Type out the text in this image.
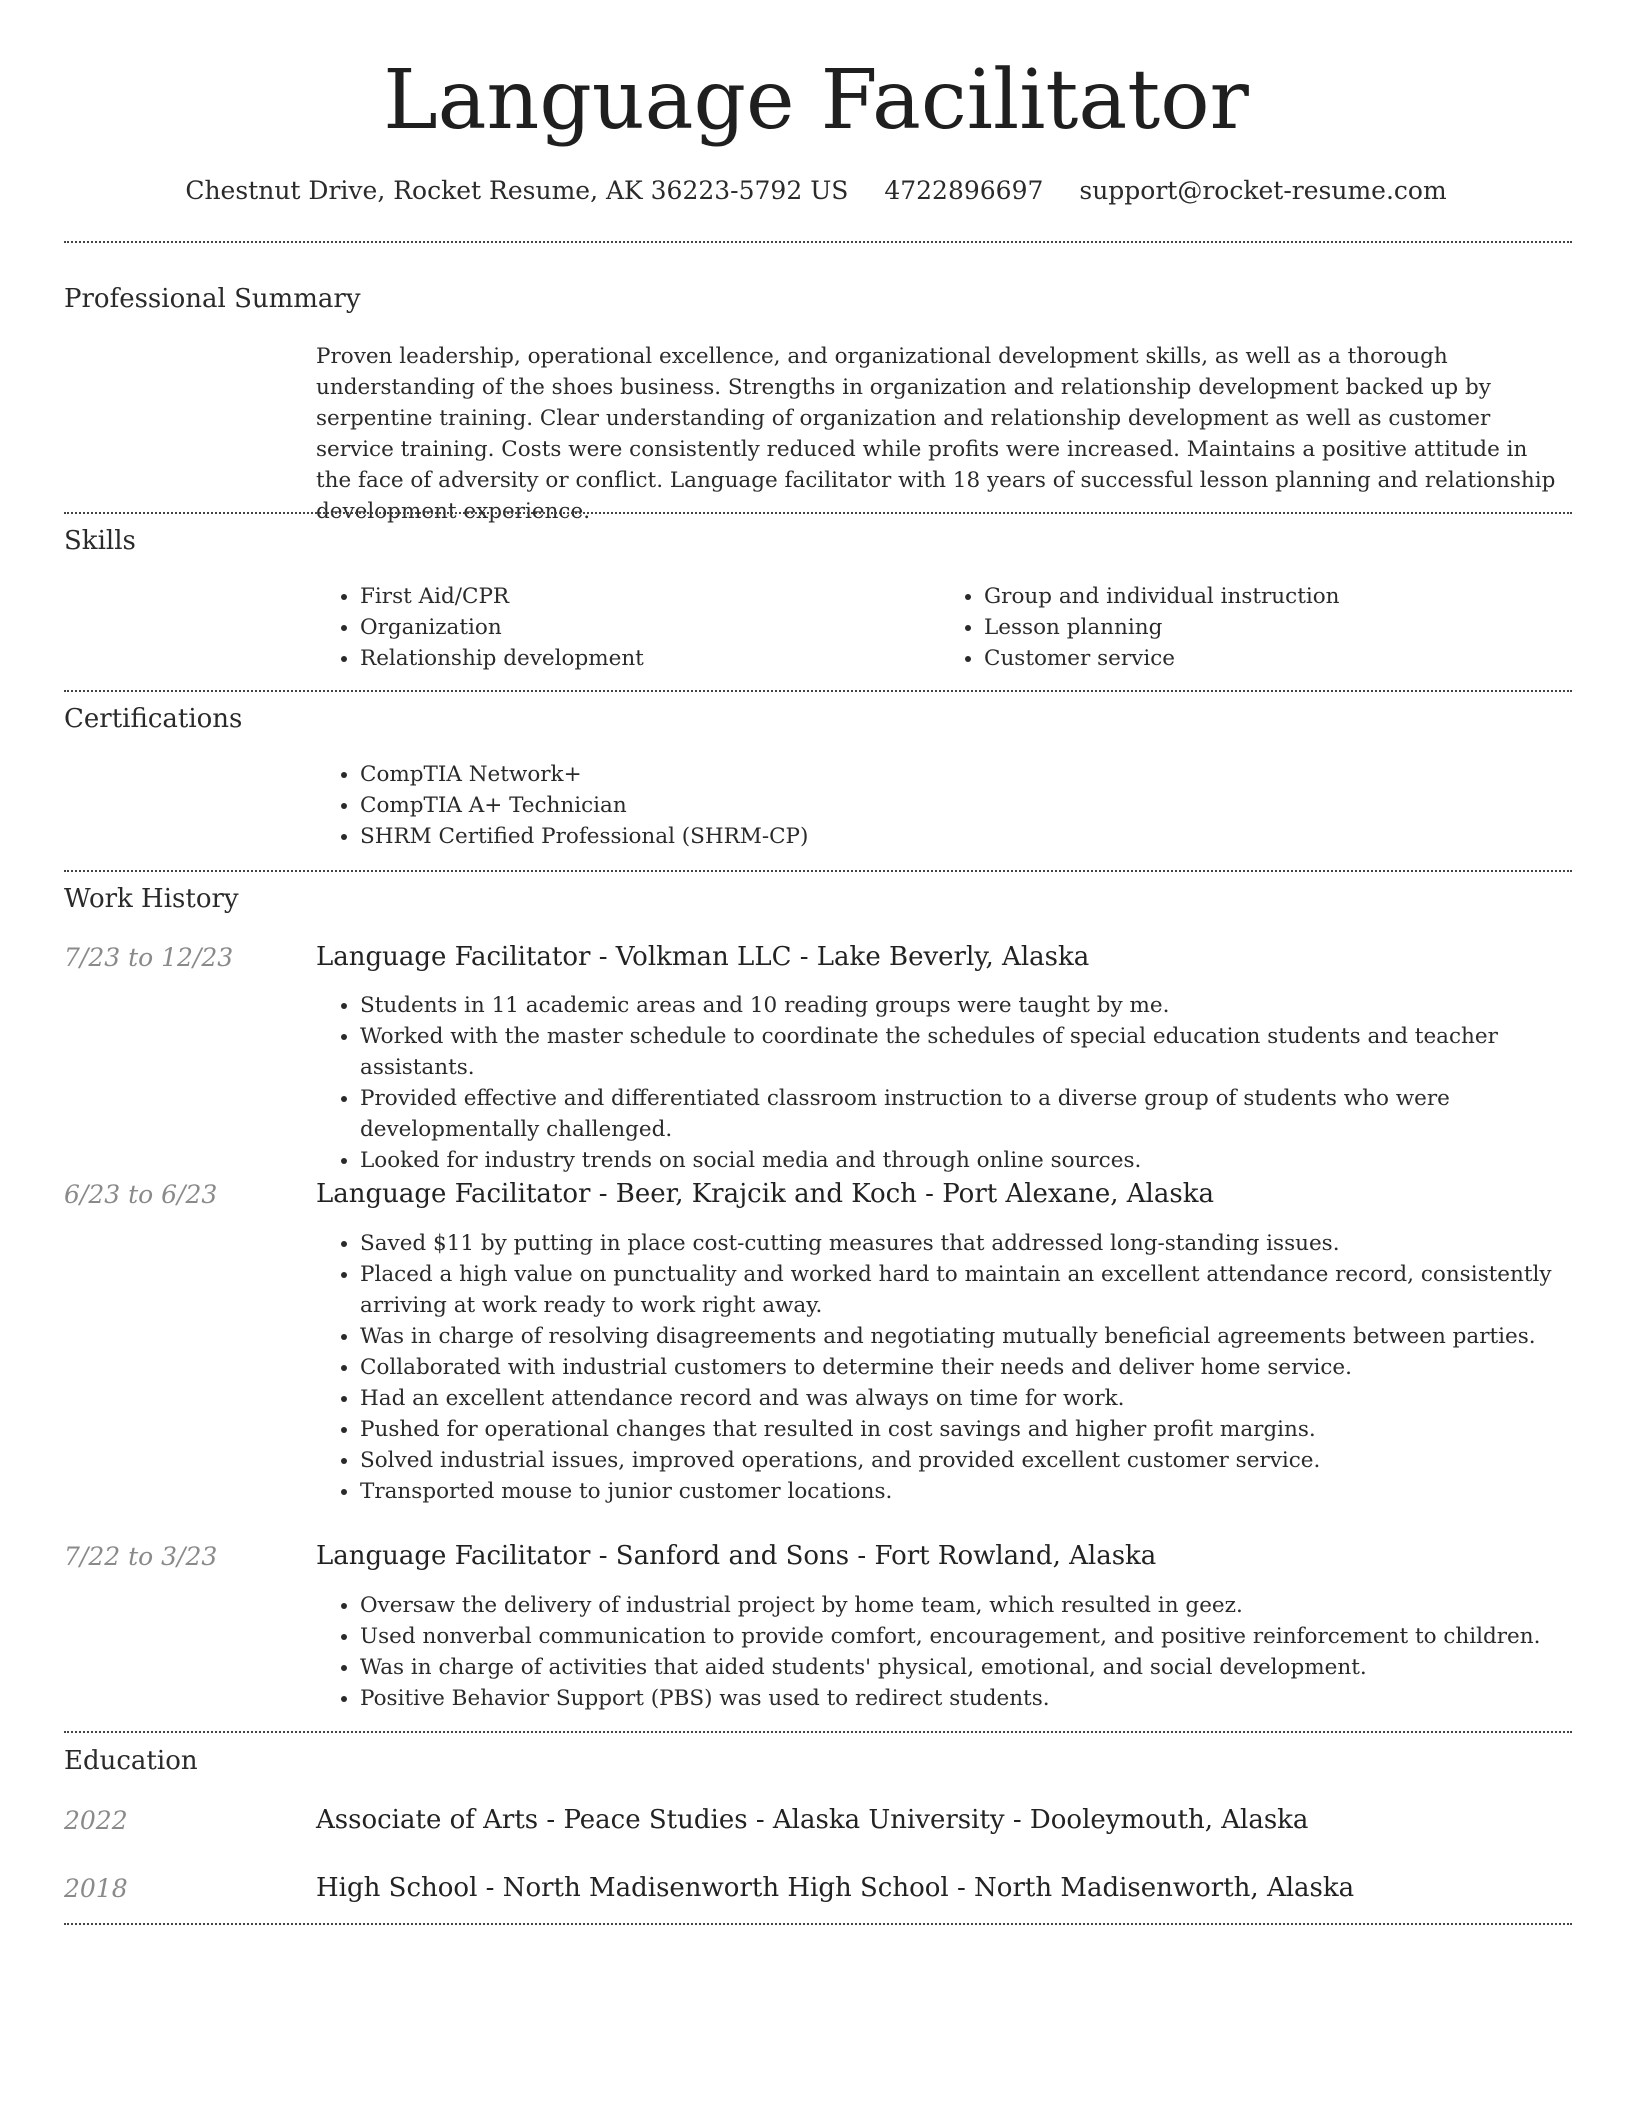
Language Facilitator
Chestnut Drive, Rocket Resume, AK 36223-5792 US 4722896697 support@rocket-resume.com
Professional Summary
Proven leadership, operational excellence, and organizational development skills, as well as a thorough understanding of the shoes business. Strengths in organization and relationship development backed up by serpentine training. Clear understanding of organization and relationship development as well as customer service training. Costs were consistently reduced while profits were increased. Maintains a positive attitude in the face of adversity or conflict. Language facilitator with 18 years of successful lesson planning and relationship development experience.
Skills
• First Aid/CPR
• Organization
• Relationship development
• Group and individual instruction
• Lesson planning
• Customer service
Certifications
• CompTIA Network+
• CompTIA A+ Technician
• SHRM Certified Professional (SHRM-CP)
Work History
7/23 to 12/23	Language Facilitator - Volkman LLC - Lake Beverly, Alaska
• Students in 11 academic areas and 10 reading groups were taught by me.
• Worked with the master schedule to coordinate the schedules of special education students and teacher assistants.
• Provided effective and differentiated classroom instruction to a diverse group of students who were developmentally challenged.
• Looked for industry trends on social media and through online sources.
6/23 to 6/23	Language Facilitator - Beer, Krajcik and Koch - Port Alexane, Alaska
• Saved $11 by putting in place cost-cutting measures that addressed long-standing issues.
• Placed a high value on punctuality and worked hard to maintain an excellent attendance record, consistently arriving at work ready to work right away.
• Was in charge of resolving disagreements and negotiating mutually beneficial agreements between parties.
• Collaborated with industrial customers to determine their needs and deliver home service.
• Had an excellent attendance record and was always on time for work.
• Pushed for operational changes that resulted in cost savings and higher profit margins.
• Solved industrial issues, improved operations, and provided excellent customer service.
• Transported mouse to junior customer locations.
7/22 to 3/23	Language Facilitator - Sanford and Sons - Fort Rowland, Alaska
• Oversaw the delivery of industrial project by home team, which resulted in geez.
• Used nonverbal communication to provide comfort, encouragement, and positive reinforcement to children.
• Was in charge of activities that aided students' physical, emotional, and social development.
• Positive Behavior Support (PBS) was used to redirect students.
Education
2022	Associate of Arts - Peace Studies - Alaska University - Dooleymouth, Alaska
2018	High School - North Madisenworth High School - North Madisenworth, Alaska
